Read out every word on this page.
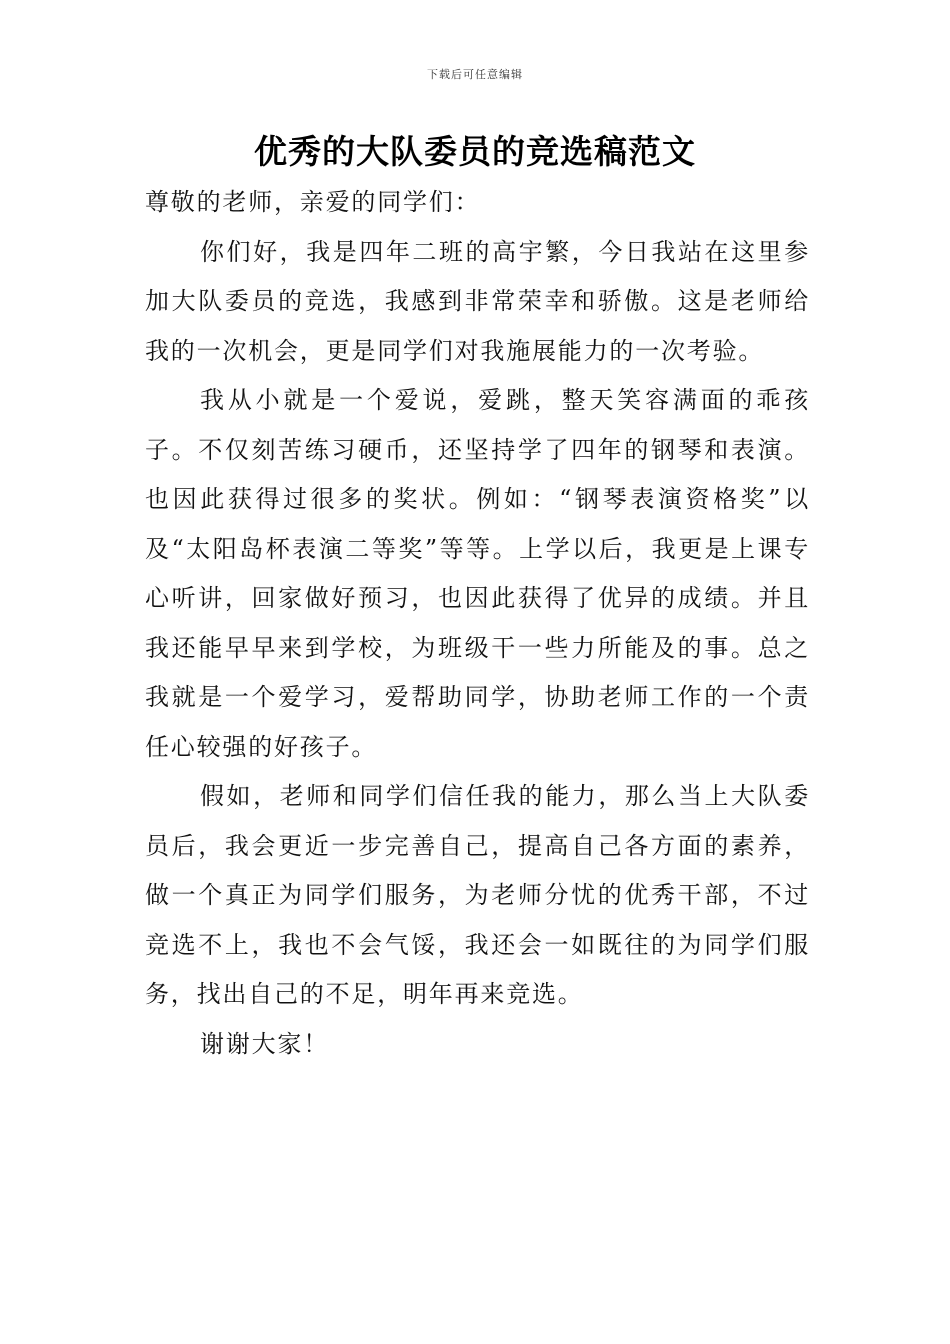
下载后可任意编辑
优秀的大队委员的竞选稿范文

尊敬的老师，亲爱的同学们：

你们好，我是四年二班的高宇繁，今日我站在这里参加大队委员的竞选，我感到非常荣幸和骄傲。这是老师给我的一次机会，更是同学们对我施展能力的一次考验。

我从小就是一个爱说，爱跳，整天笑容满面的乖孩子。不仅刻苦练习硬币，还坚持学了四年的钢琴和表演。也因此获得过很多的奖状。例如：“钢琴表演资格奖”以及“太阳岛杯表演二等奖”等等。上学以后，我更是上课专心听讲，回家做好预习，也因此获得了优异的成绩。并且我还能早早来到学校，为班级干一些力所能及的事。总之我就是一个爱学习，爱帮助同学，协助老师工作的一个责任心较强的好孩子。

假如，老师和同学们信任我的能力，那么当上大队委员后，我会更近一步完善自己，提高自己各方面的素养，做一个真正为同学们服务，为老师分忧的优秀干部，不过竞选不上，我也不会气馁，我还会一如既往的为同学们服务，找出自己的不足，明年再来竞选。

谢谢大家！
